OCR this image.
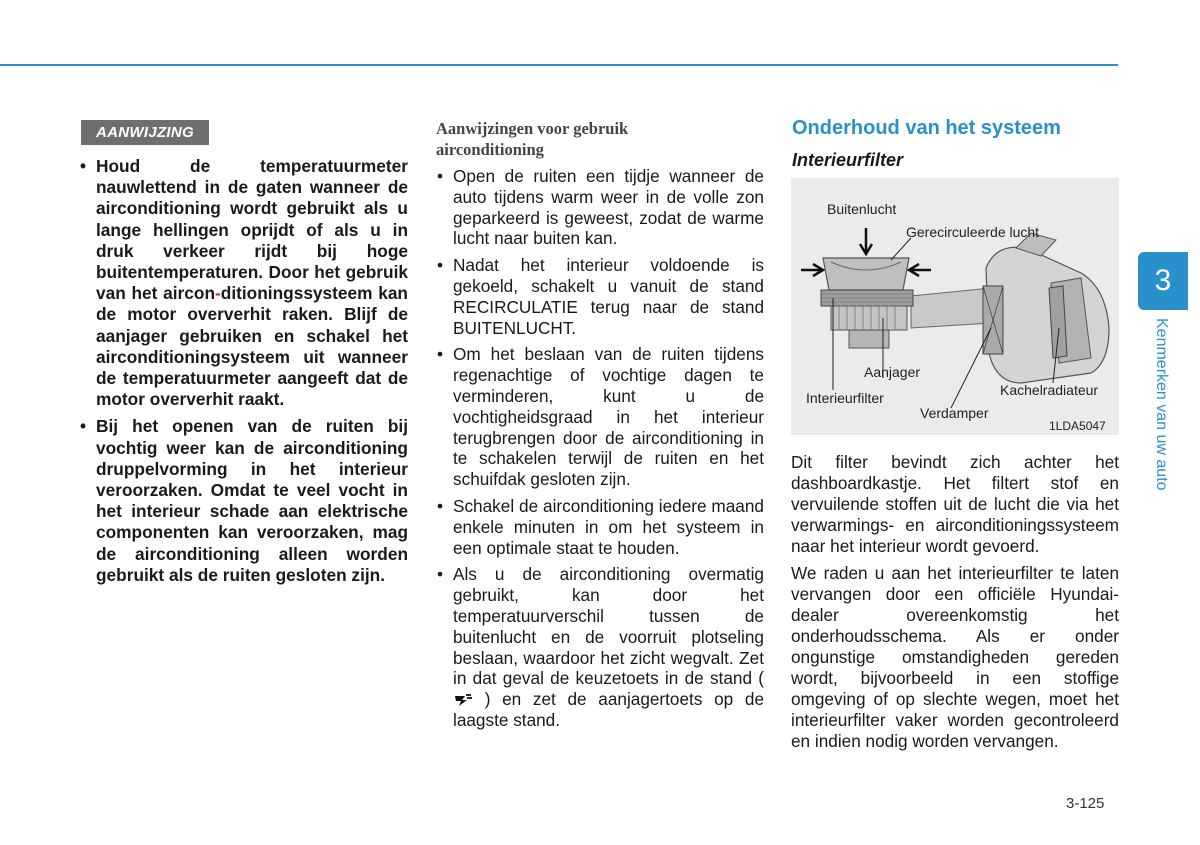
AANWIJZING
• Houd de temperatuurmeter nauwlettend in de gaten wanneer de airconditioning wordt gebruikt als u lange hellingen oprijdt of als u in druk verkeer rijdt bij hoge buitentemperaturen. Door het gebruik van het aircon-ditioningssysteem kan de motor oververhit raken. Blijf de aanjager gebruiken en schakel het airconditioningsysteem uit wanneer de temperatuurmeter aangeeft dat de motor oververhit raakt.
• Bij het openen van de ruiten bij vochtig weer kan de airconditioning druppelvorming in het interieur veroorzaken. Omdat te veel vocht in het interieur schade aan elektrische componenten kan veroorzaken, mag de airconditioning alleen worden gebruikt als de ruiten gesloten zijn.
Aanwijzingen voor gebruik airconditioning
• Open de ruiten een tijdje wanneer de auto tijdens warm weer in de volle zon geparkeerd is geweest, zodat de warme lucht naar buiten kan.
• Nadat het interieur voldoende is gekoeld, schakelt u vanuit de stand RECIRCULATIE terug naar de stand BUITENLUCHT.
• Om het beslaan van de ruiten tijdens regenachtige of vochtige dagen te verminderen, kunt u de vochtigheidsgraad in het interieur terugbrengen door de airconditioning in te schakelen terwijl de ruiten en het schuifdak gesloten zijn.
• Schakel de airconditioning iedere maand enkele minuten in om het systeem in een optimale staat te houden.
• Als u de airconditioning overmatig gebruikt, kan door het temperatuurverschil tussen de buitenlucht en de voorruit plotseling beslaan, waardoor het zicht wegvalt. Zet in dat geval de keuzetoets in de stand (  ) en zet de aanjagertoets op de laagste stand.
Onderhoud van het systeem
Interieurfilter
Buitenlucht
Gerecirculeerde lucht
Aanjager
Kachelradiateur
Interieurfilter
Verdamper
1LDA5047

Dit filter bevindt zich achter het dashboardkastje. Het filtert stof en vervuilende stoffen uit de lucht die via het verwarmings- en airconditioningssysteem naar het interieur wordt gevoerd.

We raden u aan het interieurfilter te laten vervangen door een officiële Hyundai-dealer overeenkomstig het onderhoudsschema. Als er onder ongunstige omstandigheden gereden wordt, bijvoorbeeld in een stoffige omgeving of op slechte wegen, moet het interieurfilter vaker worden gecontroleerd en indien nodig worden vervangen.

3-125
3
Kenmerken van uw auto
